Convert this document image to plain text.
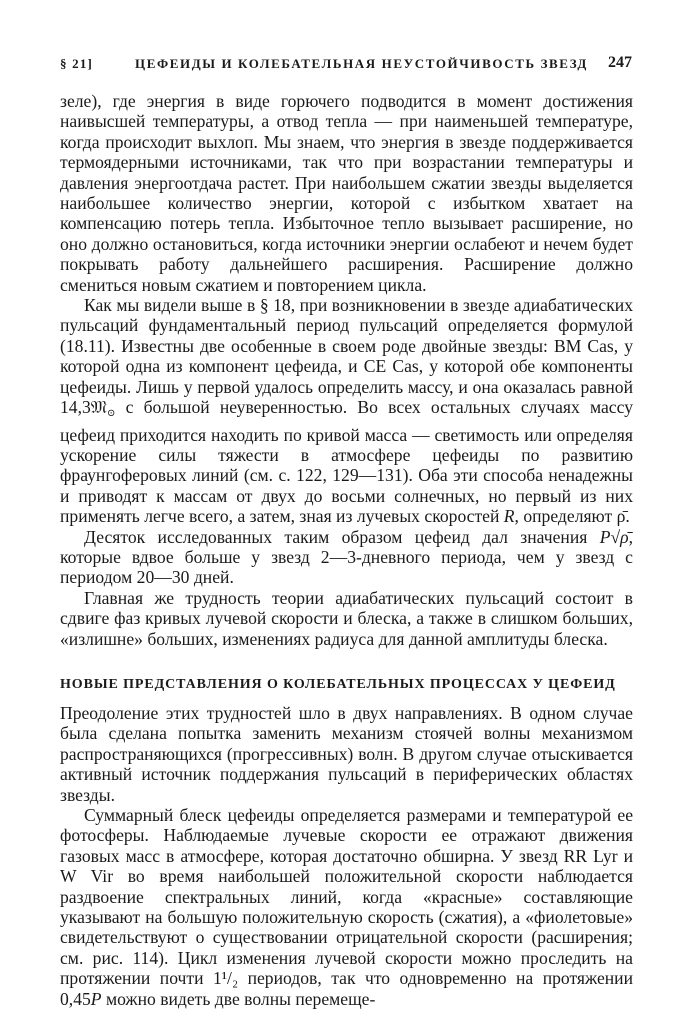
§ 21]	ЦЕФЕИДЫ И КОЛЕБАТЕЛЬНАЯ НЕУСТОЙЧИВОСТЬ ЗВЕЗД 247

зеле), где энергия в виде горючего подводится в момент достижения наивысшей температуры, а отвод тепла — при наименьшей температуре, когда происходит выхлоп. Мы знаем, что энергия в звезде поддерживается термоядерными источниками, так что при возрастании температуры и давления энергоотдача растет. При наибольшем сжатии звезды выделяется наибольшее количество энергии, которой с избытком хватает на компенсацию потерь тепла. Избыточное тепло вызывает расширение, но оно должно остановиться, когда источники энергии ослабеют и нечем будет покрывать работу дальнейшего расширения. Расширение должно смениться новым сжатием и повторением цикла.

Как мы видели выше в § 18, при возникновении в звезде адиабатических пульсаций фундаментальный период пульсаций определяется формулой (18.11). Известны две особенные в своем роде двойные звезды: BM Cas, у которой одна из компонент цефеида, и CE Cas, у которой обе компоненты цефеиды. Лишь у первой удалось определить массу, и она оказалась равной 14,3𝔐$_⊙$ с большой неуверенностью. Во всех остальных случаях массу цефеид приходится находить по кривой масса — светимость или определяя ускорение силы тяжести в атмосфере цефеиды по развитию фраунгоферовых линий (см. с. 122, 129—131). Оба эти способа ненадежны и приводят к массам от двух до восьми солнечных, но первый из них применять легче всего, а затем, зная из лучевых скоростей R, определяют ρ̄.

Десяток исследованных таким образом цефеид дал значения P√ρ̄, которые вдвое больше у звезд 2—3-дневного периода, чем у звезд с периодом 20—30 дней.

Главная же трудность теории адиабатических пульсаций состоит в сдвиге фаз кривых лучевой скорости и блеска, а также в слишком больших, «излишне» больших, изменениях радиуса для данной амплитуды блеска.

НОВЫЕ ПРЕДСТАВЛЕНИЯ О КОЛЕБАТЕЛЬНЫХ ПРОЦЕССАХ У ЦЕФЕИД

Преодоление этих трудностей шло в двух направлениях. В одном случае была сделана попытка заменить механизм стоячей волны механизмом распространяющихся (прогрессивных) волн. В другом случае отыскивается активный источник поддержания пульсаций в периферических областях звезды.

Суммарный блеск цефеиды определяется размерами и температурой ее фотосферы. Наблюдаемые лучевые скорости ее отражают движения газовых масс в атмосфере, которая достаточно обширна. У звезд RR Lyr и W Vir во время наибольшей положительной скорости наблюдается раздвоение спектральных линий, когда «красные» составляющие указывают на большую положительную скорость (сжатия), а «фиолетовые» свидетельствуют о существовании отрицательной скорости (расширения; см. рис. 114). Цикл изменения лучевой скорости можно проследить на протяжении почти 1¹/₂ периодов, так что одновременно на протяжении 0,45P можно видеть две волны перемеще-
